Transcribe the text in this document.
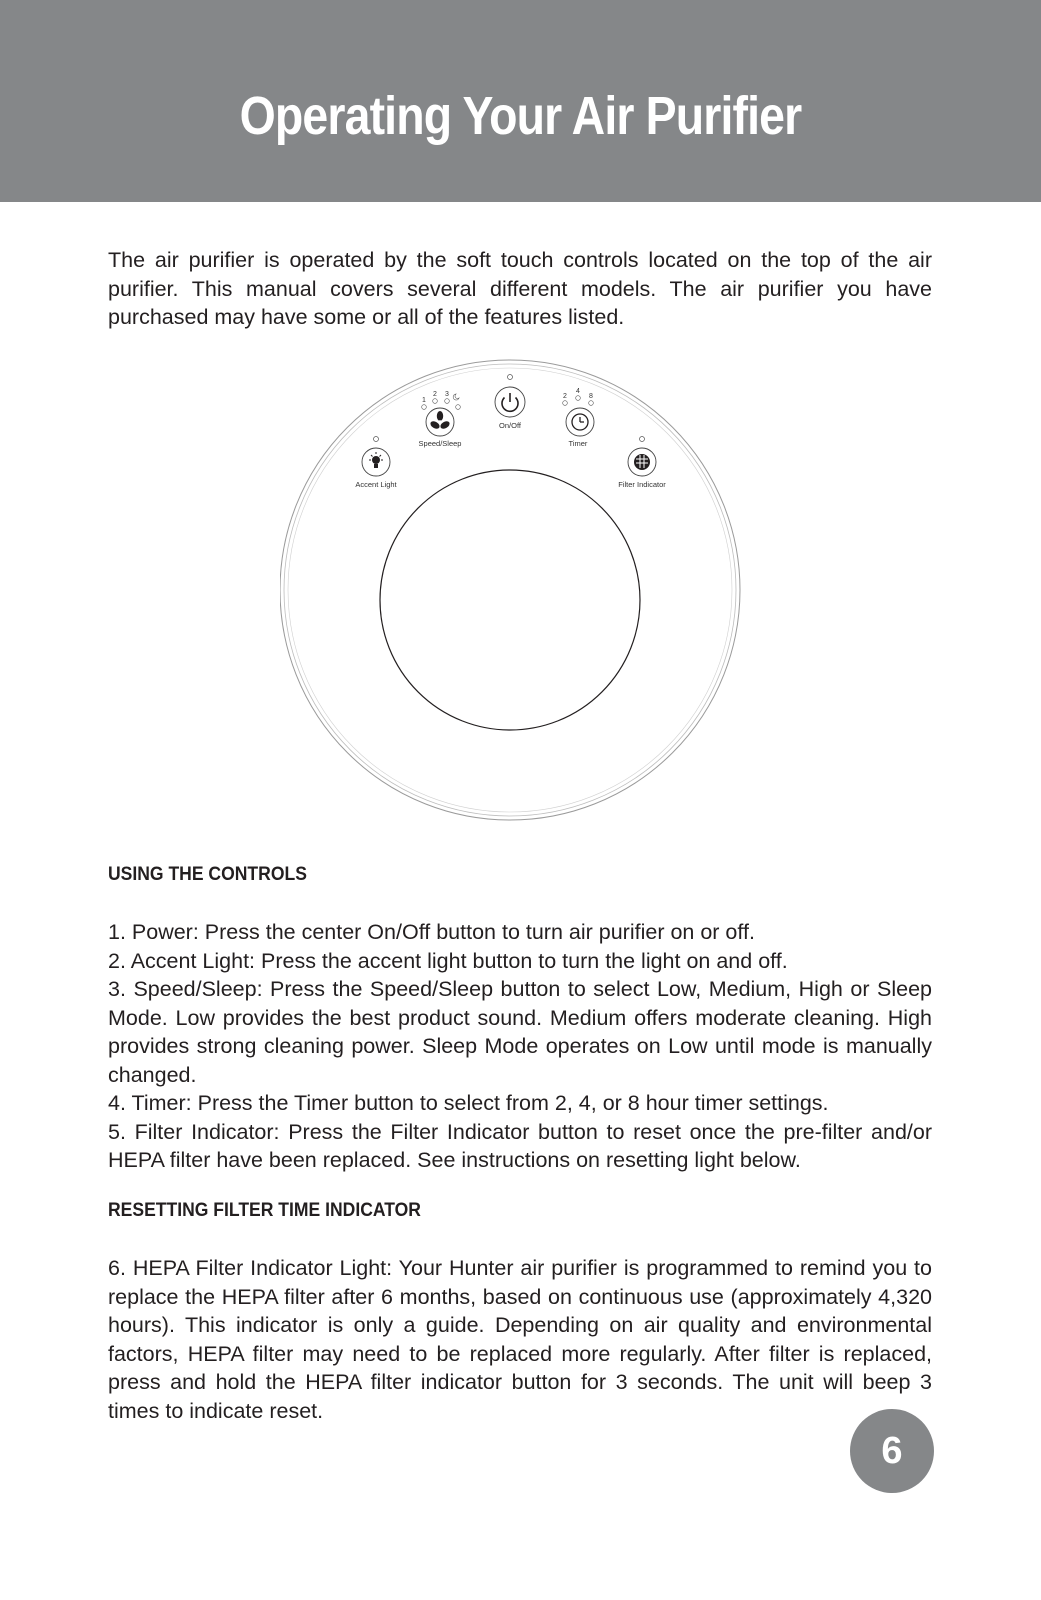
Operating Your Air Purifier

The air purifier is operated by the soft touch controls located on the top of the air purifier. This manual covers several different models. The air purifier you have purchased may have some or all of the features listed.

On/Off
1
2 3
Speed/Sleep
2
4
8
Timer
Accent Light	Filter Indicator
USING THE CONTROLS
1. Power: Press the center On/Off button to turn air purifier on or off.
2. Accent Light: Press the accent light button to turn the light on and off.
3. Speed/Sleep: Press the Speed/Sleep button to select Low, Medium, High or Sleep Mode. Low provides the best product sound. Medium offers moderate cleaning. High provides strong cleaning power. Sleep Mode operates on Low until mode is manually changed.
4. Timer: Press the Timer button to select from 2, 4, or 8 hour timer settings.
5. Filter Indicator: Press the Filter Indicator button to reset once the pre-filter and/or HEPA filter have been replaced. See instructions on resetting light below.
RESETTING FILTER TIME INDICATOR

6. HEPA Filter Indicator Light: Your Hunter air purifier is programmed to remind you to replace the HEPA filter after 6 months, based on continuous use (approximately 4,320 hours). This indicator is only a guide. Depending on air quality and environmental factors, HEPA filter may need to be replaced more regularly. After filter is replaced, press and hold the HEPA filter indicator button for 3 seconds. The unit will beep 3 times to indicate reset.

6
